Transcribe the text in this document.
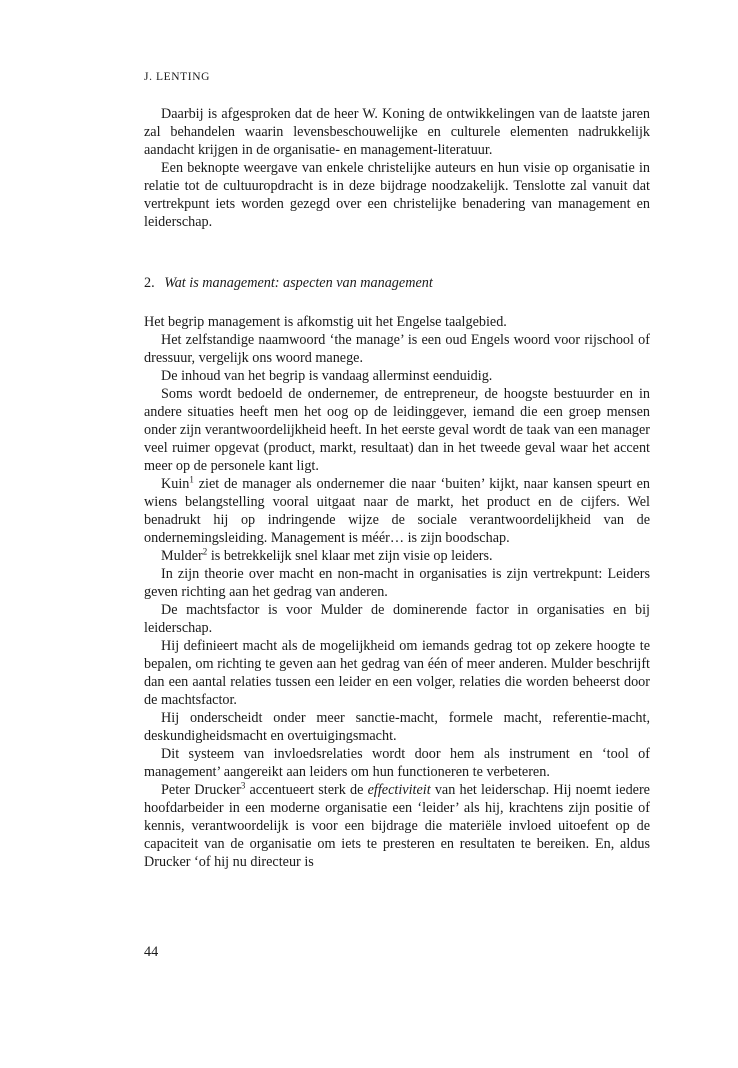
J. LENTING

Daarbij is afgesproken dat de heer W. Koning de ontwikkelingen van de laatste jaren zal behandelen waarin levensbeschouwelijke en culturele elementen nadrukkelijk aandacht krijgen in de organisatie- en management-literatuur.

Een beknopte weergave van enkele christelijke auteurs en hun visie op organisatie in relatie tot de cultuuropdracht is in deze bijdrage noodzakelijk. Tenslotte zal vanuit dat vertrekpunt iets worden gezegd over een christelijke benadering van management en leiderschap.

2. Wat is management: aspecten van management

Het begrip management is afkomstig uit het Engelse taalgebied.

Het zelfstandige naamwoord ‘the manage’ is een oud Engels woord voor rijschool of dressuur, vergelijk ons woord manege.

De inhoud van het begrip is vandaag allerminst eenduidig.

Soms wordt bedoeld de ondernemer, de entrepreneur, de hoogste bestuurder en in andere situaties heeft men het oog op de leidinggever, iemand die een groep mensen onder zijn verantwoordelijkheid heeft. In het eerste geval wordt de taak van een manager veel ruimer opgevat (product, markt, resultaat) dan in het tweede geval waar het accent meer op de personele kant ligt.

Kuin$^1$ ziet de manager als ondernemer die naar ‘buiten’ kijkt, naar kansen speurt en wiens belangstelling vooral uitgaat naar de markt, het product en de cijfers. Wel benadrukt hij op indringende wijze de sociale verantwoordelijkheid van de ondernemingsleiding. Management is méér… is zijn boodschap.

Mulder$^2$ is betrekkelijk snel klaar met zijn visie op leiders.

In zijn theorie over macht en non-macht in organisaties is zijn vertrekpunt: Leiders geven richting aan het gedrag van anderen.

De machtsfactor is voor Mulder de dominerende factor in organisaties en bij leiderschap.

Hij definieert macht als de mogelijkheid om iemands gedrag tot op zekere hoogte te bepalen, om richting te geven aan het gedrag van één of meer anderen. Mulder beschrijft dan een aantal relaties tussen een leider en een volger, relaties die worden beheerst door de machtsfactor.

Hij onderscheidt onder meer sanctie-macht, formele macht, referentie-macht, deskundigheidsmacht en overtuigingsmacht.

Dit systeem van invloedsrelaties wordt door hem als instrument en ‘tool of management’ aangereikt aan leiders om hun functioneren te verbeteren.

Peter Drucker$^3$ accentueert sterk de effectiviteit van het leiderschap. Hij noemt iedere hoofdarbeider in een moderne organisatie een ‘leider’ als hij, krachtens zijn positie of kennis, verantwoordelijk is voor een bijdrage die materiële invloed uitoefent op de capaciteit van de organisatie om iets te presteren en resultaten te bereiken. En, aldus Drucker ‘of hij nu directeur is

44
